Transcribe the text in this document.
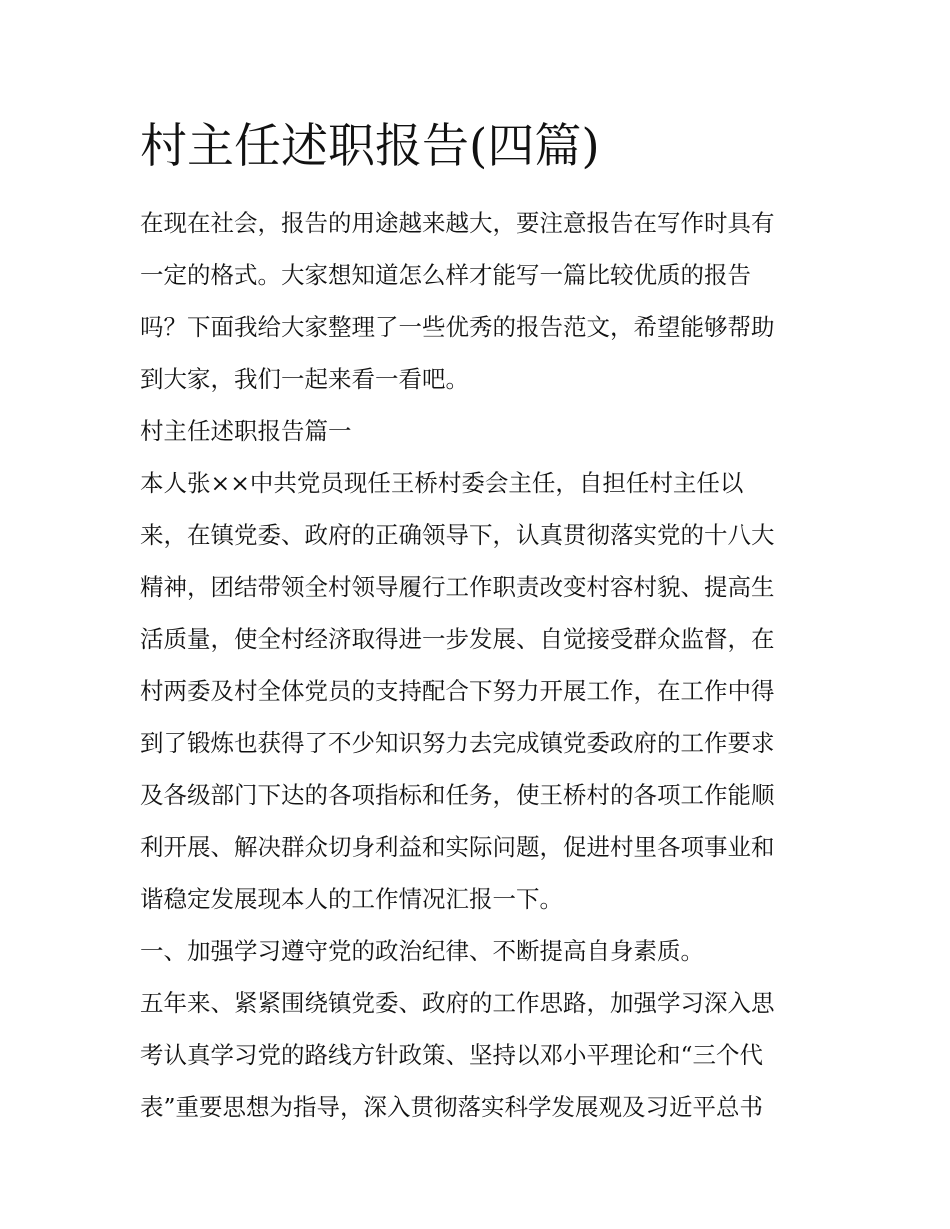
村主任述职报告(四篇)

在现在社会，报告的用途越来越大，要注意报告在写作时具有

一定的格式。大家想知道怎么样才能写一篇比较优质的报告

吗？下面我给大家整理了一些优秀的报告范文，希望能够帮助

到大家，我们一起来看一看吧。

村主任述职报告篇一

本人张××中共党员现任王桥村委会主任，自担任村主任以

来，在镇党委、政府的正确领导下，认真贯彻落实党的十八大

精神，团结带领全村领导履行工作职责改变村容村貌、提高生

活质量，使全村经济取得进一步发展、自觉接受群众监督，在

村两委及村全体党员的支持配合下努力开展工作，在工作中得

到了锻炼也获得了不少知识努力去完成镇党委政府的工作要求

及各级部门下达的各项指标和任务，使王桥村的各项工作能顺

利开展、解决群众切身利益和实际问题，促进村里各项事业和

谐稳定发展现本人的工作情况汇报一下。

一、加强学习遵守党的政治纪律、不断提高自身素质。

五年来、紧紧围绕镇党委、政府的工作思路，加强学习深入思

考认真学习党的路线方针政策、坚持以邓小平理论和“三个代

表”重要思想为指导，深入贯彻落实科学发展观及习近平总书
